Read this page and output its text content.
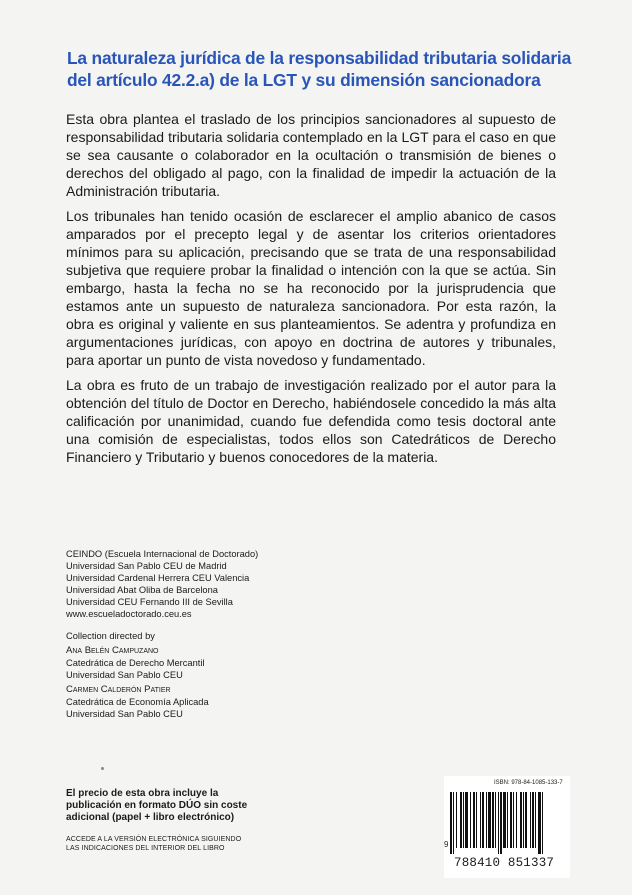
La naturaleza jurídica de la responsabilidad tributaria solidaria del artículo 42.2.a) de la LGT y su dimensión sancionadora

Esta obra plantea el traslado de los principios sancionadores al supuesto de responsabilidad tributaria solidaria contemplado en la LGT para el caso en que se sea causante o colaborador en la ocultación o transmisión de bienes o derechos del obligado al pago, con la finalidad de impedir la actuación de la Administración tributaria.

Los tribunales han tenido ocasión de esclarecer el amplio abanico de casos amparados por el precepto legal y de asentar los criterios orientadores mínimos para su aplicación, precisando que se trata de una responsabilidad subjetiva que requiere probar la finalidad o intención con la que se actúa. Sin embargo, hasta la fecha no se ha reconocido por la jurisprudencia que estamos ante un supuesto de naturaleza sancionadora. Por esta razón, la obra es original y valiente en sus planteamientos. Se adentra y profundiza en argumentaciones jurídicas, con apoyo en doctrina de autores y tribunales, para aportar un punto de vista novedoso y fundamentado.

La obra es fruto de un trabajo de investigación realizado por el autor para la obtención del título de Doctor en Derecho, habiéndosele concedido la más alta calificación por unanimidad, cuando fue defendida como tesis doctoral ante una comisión de especialistas, todos ellos son Catedráticos de Derecho Financiero y Tributario y buenos conocedores de la materia.

CEINDO (Escuela Internacional de Doctorado)
Universidad San Pablo CEU de Madrid
Universidad Cardenal Herrera CEU Valencia
Universidad Abat Oliba de Barcelona
Universidad CEU Fernando III de Sevilla
www.escueladoctorado.ceu.es
Collection directed by
Ana Belén Campuzano
Catedrática de Derecho Mercantil
Universidad San Pablo CEU
Carmen Calderón Patier
Catedrática de Economía Aplicada
Universidad San Pablo CEU
El precio de esta obra incluye la
publicación en formato DÚO sin coste
adicional (papel + libro electrónico)
ACCEDE A LA VERSIÓN ELECTRÓNICA SIGUIENDO
LAS INDICACIONES DEL INTERIOR DEL LIBRO
ISBN: 978-84-1085-133-7
9
788410 851337
